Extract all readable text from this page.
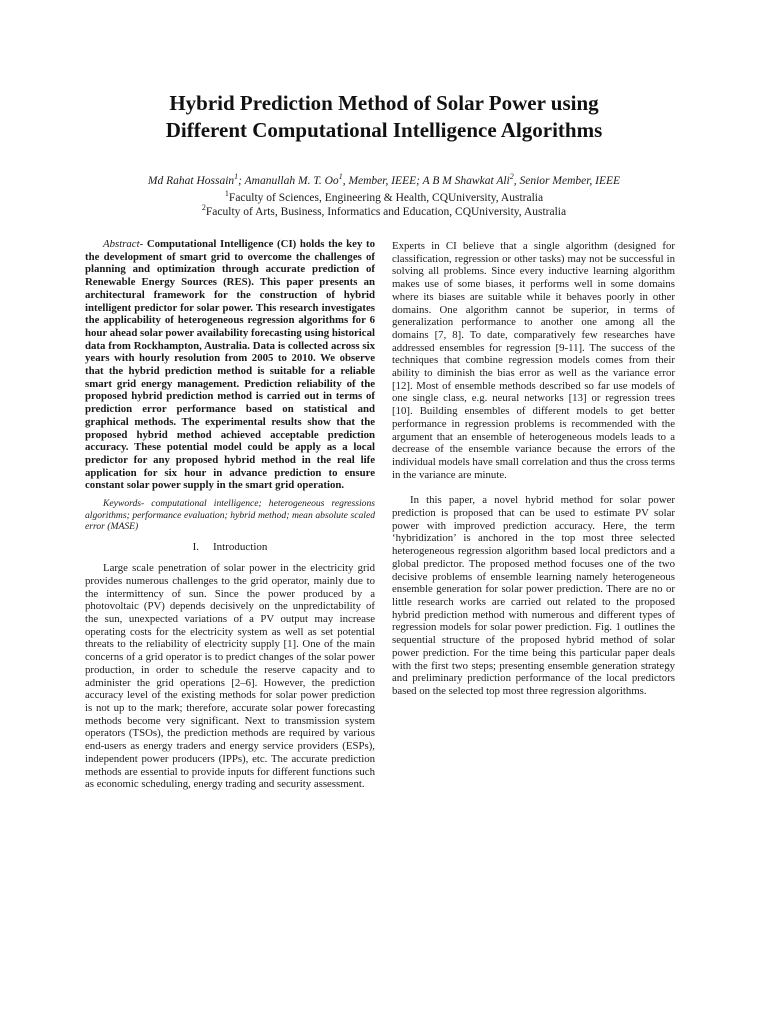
Hybrid Prediction Method of Solar Power using
Different Computational Intelligence Algorithms
Md Rahat Hossain$^1$; Amanullah M. T. Oo$^1$, Member, IEEE; A B M Shawkat Ali$^2$, Senior Member, IEEE
$^1$Faculty of Sciences, Engineering & Health, CQUniversity, Australia
$^2$Faculty of Arts, Business, Informatics and Education, CQUniversity, Australia

Abstract- Computational Intelligence (CI) holds the key to the development of smart grid to overcome the challenges of planning and optimization through accurate prediction of Renewable Energy Sources (RES). This paper presents an architectural framework for the construction of hybrid intelligent predictor for solar power. This research investigates the applicability of heterogeneous regression algorithms for 6 hour ahead solar power availability forecasting using historical data from Rockhampton, Australia. Data is collected across six years with hourly resolution from 2005 to 2010. We observe that the hybrid prediction method is suitable for a reliable smart grid energy management. Prediction reliability of the proposed hybrid prediction method is carried out in terms of prediction error performance based on statistical and graphical methods. The experimental results show that the proposed hybrid method achieved acceptable prediction accuracy. These potential model could be apply as a local predictor for any proposed hybrid method in the real life application for six hour in advance prediction to ensure constant solar power supply in the smart grid operation.

Keywords- computational intelligence; heterogeneous regressions algorithms; performance evaluation; hybrid method; mean absolute scaled error (MASE)

I. Introduction

Large scale penetration of solar power in the electricity grid provides numerous challenges to the grid operator, mainly due to the intermittency of sun. Since the power produced by a photovoltaic (PV) depends decisively on the unpredictability of the sun, unexpected variations of a PV output may increase operating costs for the electricity system as well as set potential threats to the reliability of electricity supply [1]. One of the main concerns of a grid operator is to predict changes of the solar power production, in order to schedule the reserve capacity and to administer the grid operations [2–6]. However, the prediction accuracy level of the existing methods for solar power prediction is not up to the mark; therefore, accurate solar power forecasting methods become very significant. Next to transmission system operators (TSOs), the prediction methods are required by various end-users as energy traders and energy service providers (ESPs), independent power producers (IPPs), etc. The accurate prediction methods are essential to provide inputs for different functions such as economic scheduling, energy trading and security assessment.

Experts in CI believe that a single algorithm (designed for classification, regression or other tasks) may not be successful in solving all problems. Since every inductive learning algorithm makes use of some biases, it performs well in some domains where its biases are suitable while it behaves poorly in other domains. One algorithm cannot be superior, in terms of generalization performance to another one among all the domains [7, 8]. To date, comparatively few researches have addressed ensembles for regression [9-11]. The success of the techniques that combine regression models comes from their ability to diminish the bias error as well as the variance error [12]. Most of ensemble methods described so far use models of one single class, e.g. neural networks [13] or regression trees [10]. Building ensembles of different models to get better performance in regression problems is recommended with the argument that an ensemble of heterogeneous models leads to a decrease of the ensemble variance because the errors of the individual models have small correlation and thus the cross terms in the variance are minute.

In this paper, a novel hybrid method for solar power prediction is proposed that can be used to estimate PV solar power with improved prediction accuracy. Here, the term ‘hybridization’ is anchored in the top most three selected heterogeneous regression algorithm based local predictors and a global predictor. The proposed method focuses one of the two decisive problems of ensemble learning namely heterogeneous ensemble generation for solar power prediction. There are no or little research works are carried out related to the proposed hybrid prediction method with numerous and different types of regression models for solar power prediction. Fig. 1 outlines the sequential structure of the proposed hybrid method of solar power prediction. For the time being this particular paper deals with the first two steps; presenting ensemble generation strategy and preliminary prediction performance of the local predictors based on the selected top most three regression algorithms.
